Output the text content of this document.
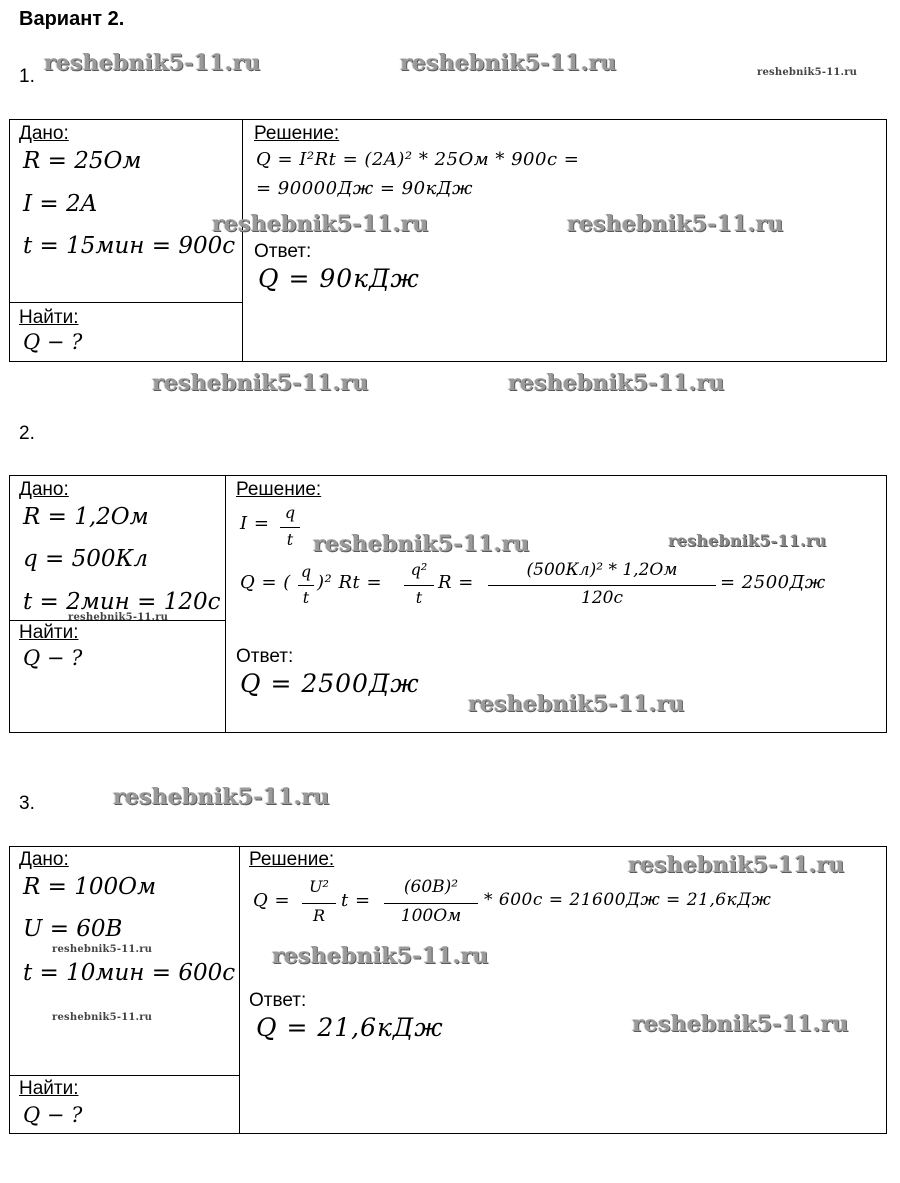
Вариант 2.
1.
reshebnik5-11.ru	reshebnik5-11.ru	reshebnik5-11.ru
Дано:
R = 25Ом
I = 2A
t = 15мин = 900с
Найти:
Q − ?
Решение:
Q = I²Rt = (2A)² * 25Ом * 900с =
= 90000Дж = 90кДж
reshebnik5-11.ru	reshebnik5-11.ru
Ответ:
Q = 90кДж
reshebnik5-11.ru	reshebnik5-11.ru
2.
Дано:
R = 1,2Ом
q = 500Кл
t = 2мин = 120с
reshebnik5-11.ru
Найти:
Q − ?
Решение:
I =
q
t reshebnik5-11.ru	reshebnik5-11.ru
Q = (
q
t
)² Rt =
q²
t
R =
(500Кл)² * 1,2Ом
120с
= 2500Дж
Ответ:
Q = 2500Дж
reshebnik5-11.ru
3.	reshebnik5-11.ru
Дано:
R = 100Ом
U = 60B
reshebnik5-11.ru
t = 10мин = 600с
reshebnik5-11.ru
Найти:
Q − ?
Решение:	reshebnik5-11.ru
Q =
U²
R
t =
(60B)²
100Ом
* 600с = 21600Дж = 21,6кДж
reshebnik5-11.ru
Ответ:
Q = 21,6кДж	reshebnik5-11.ru
